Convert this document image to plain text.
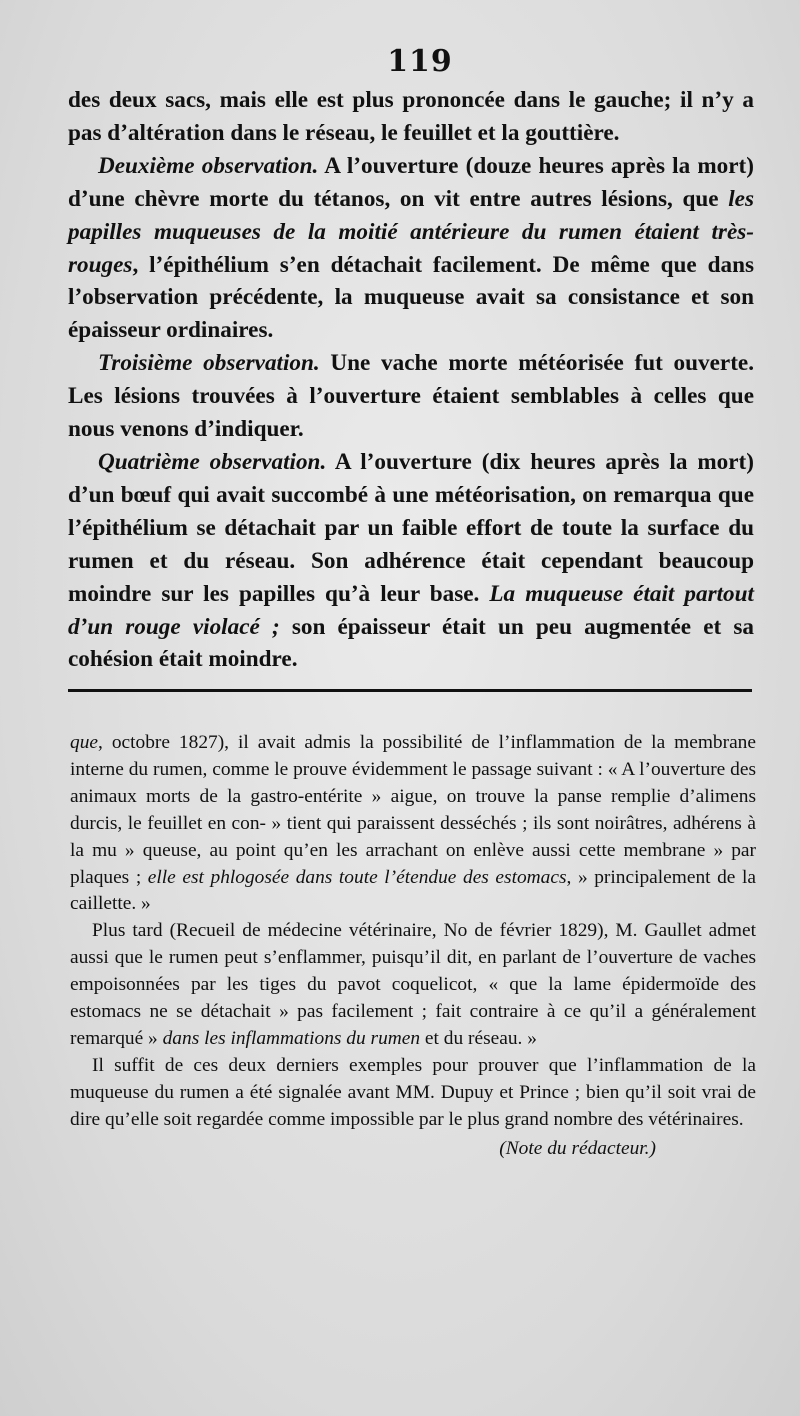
119

des deux sacs, mais elle est plus prononcée dans le gauche; il n’y a pas d’altération dans le réseau, le feuillet et la gouttière.

Deuxième observation. A l’ouverture (douze heures après la mort) d’une chèvre morte du tétanos, on vit entre autres lésions, que les papilles muqueuses de la moitié antérieure du rumen étaient très-rouges, l’épithélium s’en détachait facilement. De même que dans l’observation précédente, la muqueuse avait sa consistance et son épaisseur ordinaires.

Troisième observation. Une vache morte météorisée fut ouverte. Les lésions trouvées à l’ouverture étaient semblables à celles que nous venons d’indiquer.

Quatrième observation. A l’ouverture (dix heures après la mort) d’un bœuf qui avait succombé à une météorisation, on remarqua que l’épithélium se détachait par un faible effort de toute la surface du rumen et du réseau. Son adhérence était cependant beaucoup moindre sur les papilles qu’à leur base. La muqueuse était partout d’un rouge violacé ; son épaisseur était un peu augmentée et sa cohésion était moindre.

que, octobre 1827), il avait admis la possibilité de l’inflammation de la membrane interne du rumen, comme le prouve évidemment le passage suivant : « A l’ouverture des animaux morts de la gastro-entérite » aigue, on trouve la panse remplie d’alimens durcis, le feuillet en con- » tient qui paraissent desséchés ; ils sont noirâtres, adhérens à la mu » queuse, au point qu’en les arrachant on enlève aussi cette membrane » par plaques ; elle est phlogosée dans toute l’étendue des estomacs, » principalement de la caillette. »

Plus tard (Recueil de médecine vétérinaire, No de février 1829), M. Gaullet admet aussi que le rumen peut s’enflammer, puisqu’il dit, en parlant de l’ouverture de vaches empoisonnées par les tiges du pavot coquelicot, « que la lame épidermoïde des estomacs ne se détachait » pas facilement ; fait contraire à ce qu’il a généralement remarqué » dans les inflammations du rumen et du réseau. »

Il suffit de ces deux derniers exemples pour prouver que l’inflammation de la muqueuse du rumen a été signalée avant MM. Dupuy et Prince ; bien qu’il soit vrai de dire qu’elle soit regardée comme impossible par le plus grand nombre des vétérinaires.

(Note du rédacteur.)
